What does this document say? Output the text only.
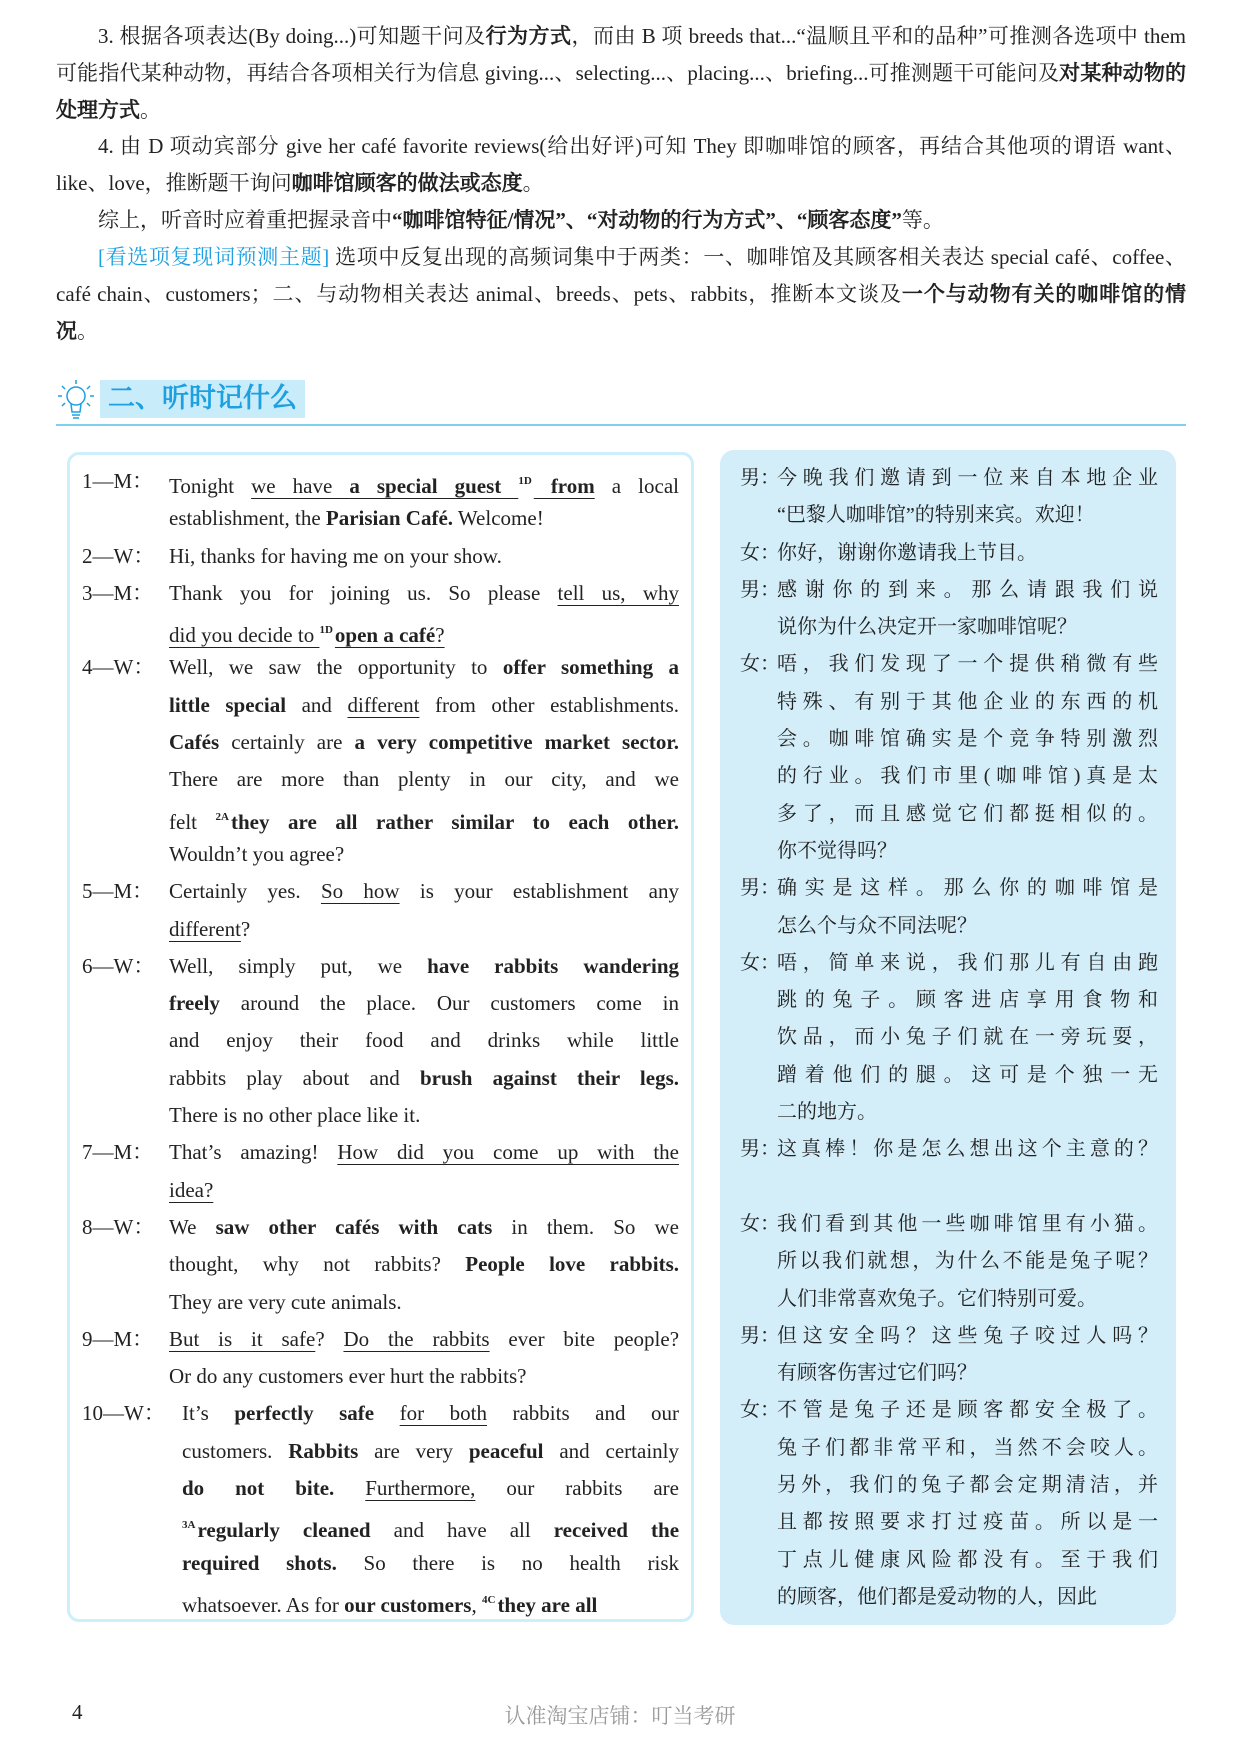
3. 根据各项表达(By doing...)可知题干问及行为方式，而由 B 项 breeds that...“温顺且平和的品种”可推测各选项中 them 可能指代某种动物，再结合各项相关行为信息 giving...、selecting...、placing...、briefing...可推测题干可能问及对某种动物的处理方式。
4. 由 D 项动宾部分 give her café favorite reviews(给出好评)可知 They 即咖啡馆的顾客，再结合其他项的谓语 want、like、love，推断题干询问咖啡馆顾客的做法或态度。
综上，听音时应着重把握录音中“咖啡馆特征/情况”、“对动物的行为方式”、“顾客态度”等。
[看选项复现词预测主题] 选项中反复出现的高频词集中于两类：一、咖啡馆及其顾客相关表达 special café、coffee、café chain、customers；二、与动物相关表达 animal、breeds、pets、rabbits，推断本文谈及一个与动物有关的咖啡馆的情况。
二、听时记什么
1—M： Tonight we have a special guest $^{1D}$ from a local
establishment, the Parisian Café. Welcome!
2—W： Hi, thanks for having me on your show.
3—M： Thank you for joining us. So please tell us, why
did you decide to $^{1D}$open a café?
4—W： Well, we saw the opportunity to offer something a
little special and different from other establishments.
Cafés certainly are a very competitive market sector.
There are more than plenty in our city, and we
felt $^{2A}$they are all rather similar to each other.
Wouldn’t you agree?
5—M： Certainly yes. So how is your establishment any
different?
6—W： Well, simply put, we have rabbits wandering
freely around the place. Our customers come in
and enjoy their food and drinks while little
rabbits play about and brush against their legs.
There is no other place like it.
7—M： That’s amazing! How did you come up with the
idea?
8—W： We saw other cafés with cats in them. So we
thought, why not rabbits? People love rabbits.
They are very cute animals.
9—M： But is it safe? Do the rabbits ever bite people?
Or do any customers ever hurt the rabbits?
10—W： It’s perfectly safe for both rabbits and our
customers. Rabbits are very peaceful and certainly
do not bite. Furthermore, our rabbits are
$^{3A}$regularly cleaned and have all received the
required shots. So there is no health risk
whatsoever. As for our customers, $^{4C}$they are all
男：
今晚我们邀请到一位来自本地企业
“巴黎人咖啡馆”的特别来宾。欢迎！
女：
你好，谢谢你邀请我上节目。
男：
感谢你的到来。那么请跟我们说
说你为什么决定开一家咖啡馆呢？
女：
唔，我们发现了一个提供稍微有些
特殊、有别于其他企业的东西的机
会。咖啡馆确实是个竞争特别激烈
的行业。我们市里(咖啡馆)真是太
多了，而且感觉它们都挺相似的。
你不觉得吗？
男：
确实是这样。那么你的咖啡馆是
怎么个与众不同法呢？
女：
唔，简单来说，我们那儿有自由跑
跳的兔子。顾客进店享用食物和
饮品，而小兔子们就在一旁玩耍，
蹭着他们的腿。这可是个独一无
二的地方。
男：
这真棒！你是怎么想出这个主意的？
女：
我们看到其他一些咖啡馆里有小猫。
所以我们就想，为什么不能是兔子呢？
人们非常喜欢兔子。它们特别可爱。
男：
但这安全吗？这些兔子咬过人吗？
有顾客伤害过它们吗？
女：
不管是兔子还是顾客都安全极了。
兔子们都非常平和，当然不会咬人。
另外，我们的兔子都会定期清洁，并
且都按照要求打过疫苗。所以是一
丁点儿健康风险都没有。至于我们
的顾客，他们都是爱动物的人，因此
4	认准淘宝店铺：叮当考研
